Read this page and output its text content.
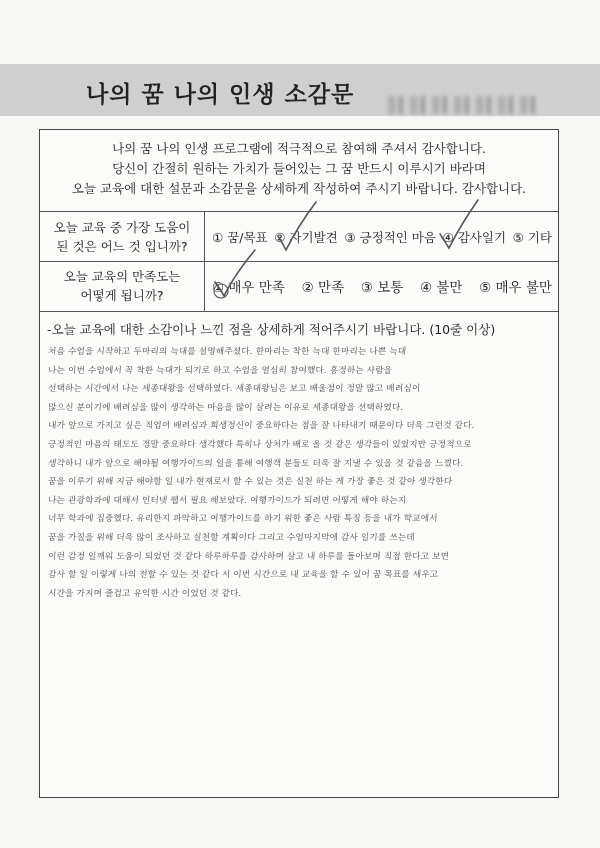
나의 꿈 나의 인생 소감문
나의 꿈 나의 인생 프로그램에 적극적으로 참여해 주셔서 감사합니다.
당신이 간절히 원하는 가치가 들어있는 그 꿈 반드시 이루시기 바라며
오늘 교육에 대한 설문과 소감문을 상세하게 작성하여 주시기 바랍니다. 감사합니다.
오늘 교육 중 가장 도움이
된 것은 어느 것 입니까?
① 꿈/목표 ② 자기발견 ③ 긍정적인 마음 ④ 감사일기 ⑤ 기타
오늘 교육의 만족도는
어떻게 됩니까?	① 매우 만족 ② 만족 ③ 보통 ④ 불만 ⑤ 매우 불만
-오늘 교육에 대한 소감이나 느낀 점을 상세하게 적어주시기 바랍니다. (10줄 이상)
처음 수업을 시작하고 두마리의 늑대를 설명해주셨다. 한마리는 착한 늑대 한마리는 나쁜 늑대
나는 이번 수업에서 꼭 착한 늑대가 되기로 하고 수업을 열심히 참여했다. 흥정하는 사람을
선택하는 시간에서 나는 세종대왕을 선택하였다. 세종대왕님은 보고 배울점이 정말 많고 배려심이
많으신 분이기에 배려심을 많이 생각하는 마음을 많이 살려는 이유로 세종대왕을 선택하였다.
내가 앞으로 가지고 싶은 직업이 배려심과 희생정신이 중요하다는 점을 잘 나타내기 때문이다 더욱 그런것 같다.
긍정적인 마음의 태도도 정말 중요하다 생각했다 특히나 상처가 배로 올 것 같은 생각들이 있었지만 긍정적으로
생각하니 내가 앞으로 해야될 여행가이드의 일을 통해 여행객 분들도 더욱 잘 지낼 수 있을 것 같음을 느꼈다.
꿈을 이루기 위해 지금 해야할 일 내가 현재로서 할 수 있는 것은 실천 하는 게 가장 좋은 것 같아 생각한다
나는 관광학과에 대해서 인터넷 웹서 필요 해보았다. 여행가이드가 되려면 어떻게 해야 하는지
너무 학과에 집중했다. 유리한지 파악하고 여행가이드를 하기 위한 좋은 사람 특징 등을 내가 학교에서
꿈을 가질을 위해 더욱 많이 조사하고 실천할 계획이다 그리고 수업마지막에 감사 일기를 쓰는데
이런 감정 일깨워 도움이 되었던 것 같다 하루하루를 감사하며 살고 내 하루를 돌아보며 직접 한다고 보면
감사 할 일 이렇게 나의 전할 수 있는 것 같다 서 이번 시간으로 내 교육을 할 수 있어 꿈 목표를 세우고
시간을 가지며 즐겁고 유익한 시간 이었던 것 같다.
